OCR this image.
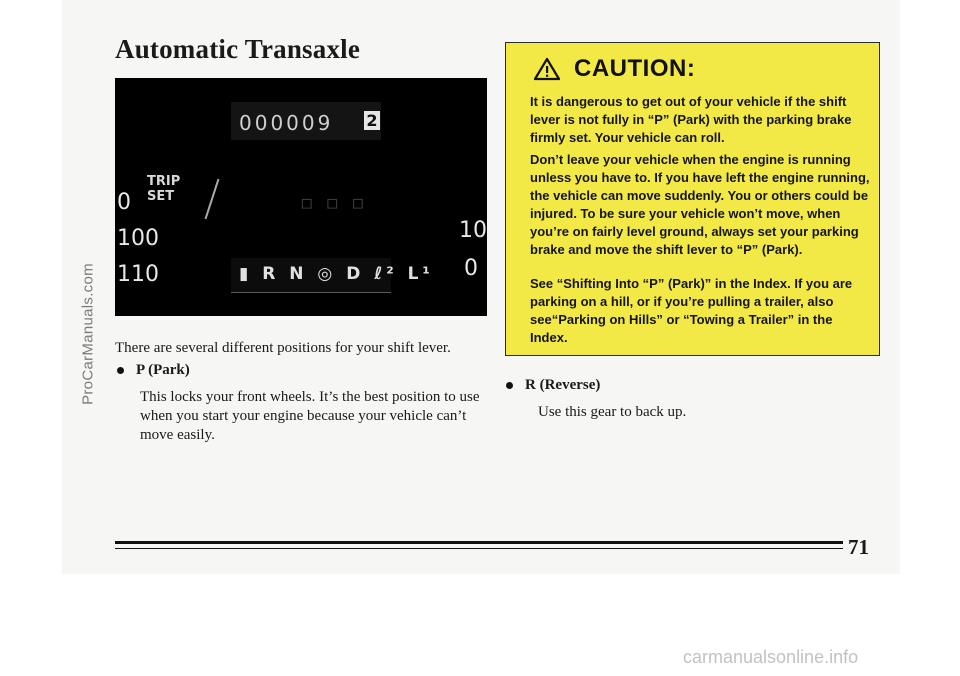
Automatic Transaxle
000009 2
TRIP
SET
0
100
110
10
0
▫▫▫
▮ R N ◎ D ℓ² L¹

There are several different positions for your shift lever.

P (Park)

This locks your front wheels. It’s the best position to use when you start your engine because your vehicle can’t move easily.

CAUTION:

It is dangerous to get out of your vehicle if the shift lever is not fully in “P” (Park) with the parking brake firmly set. Your vehicle can roll.

Don’t leave your vehicle when the engine is running unless you have to. If you have left the engine running, the vehicle can move suddenly. You or others could be injured. To be sure your vehicle won’t move, when you’re on fairly level ground, always set your parking brake and move the shift lever to “P” (Park).

See “Shifting Into “P” (Park)” in the Index. If you are parking on a hill, or if you’re pulling a trailer, also see“Parking on Hills” or “Towing a Trailer” in the Index.

R (Reverse)

Use this gear to back up.

71

ProCarManuals.com

carmanualsonline.info
